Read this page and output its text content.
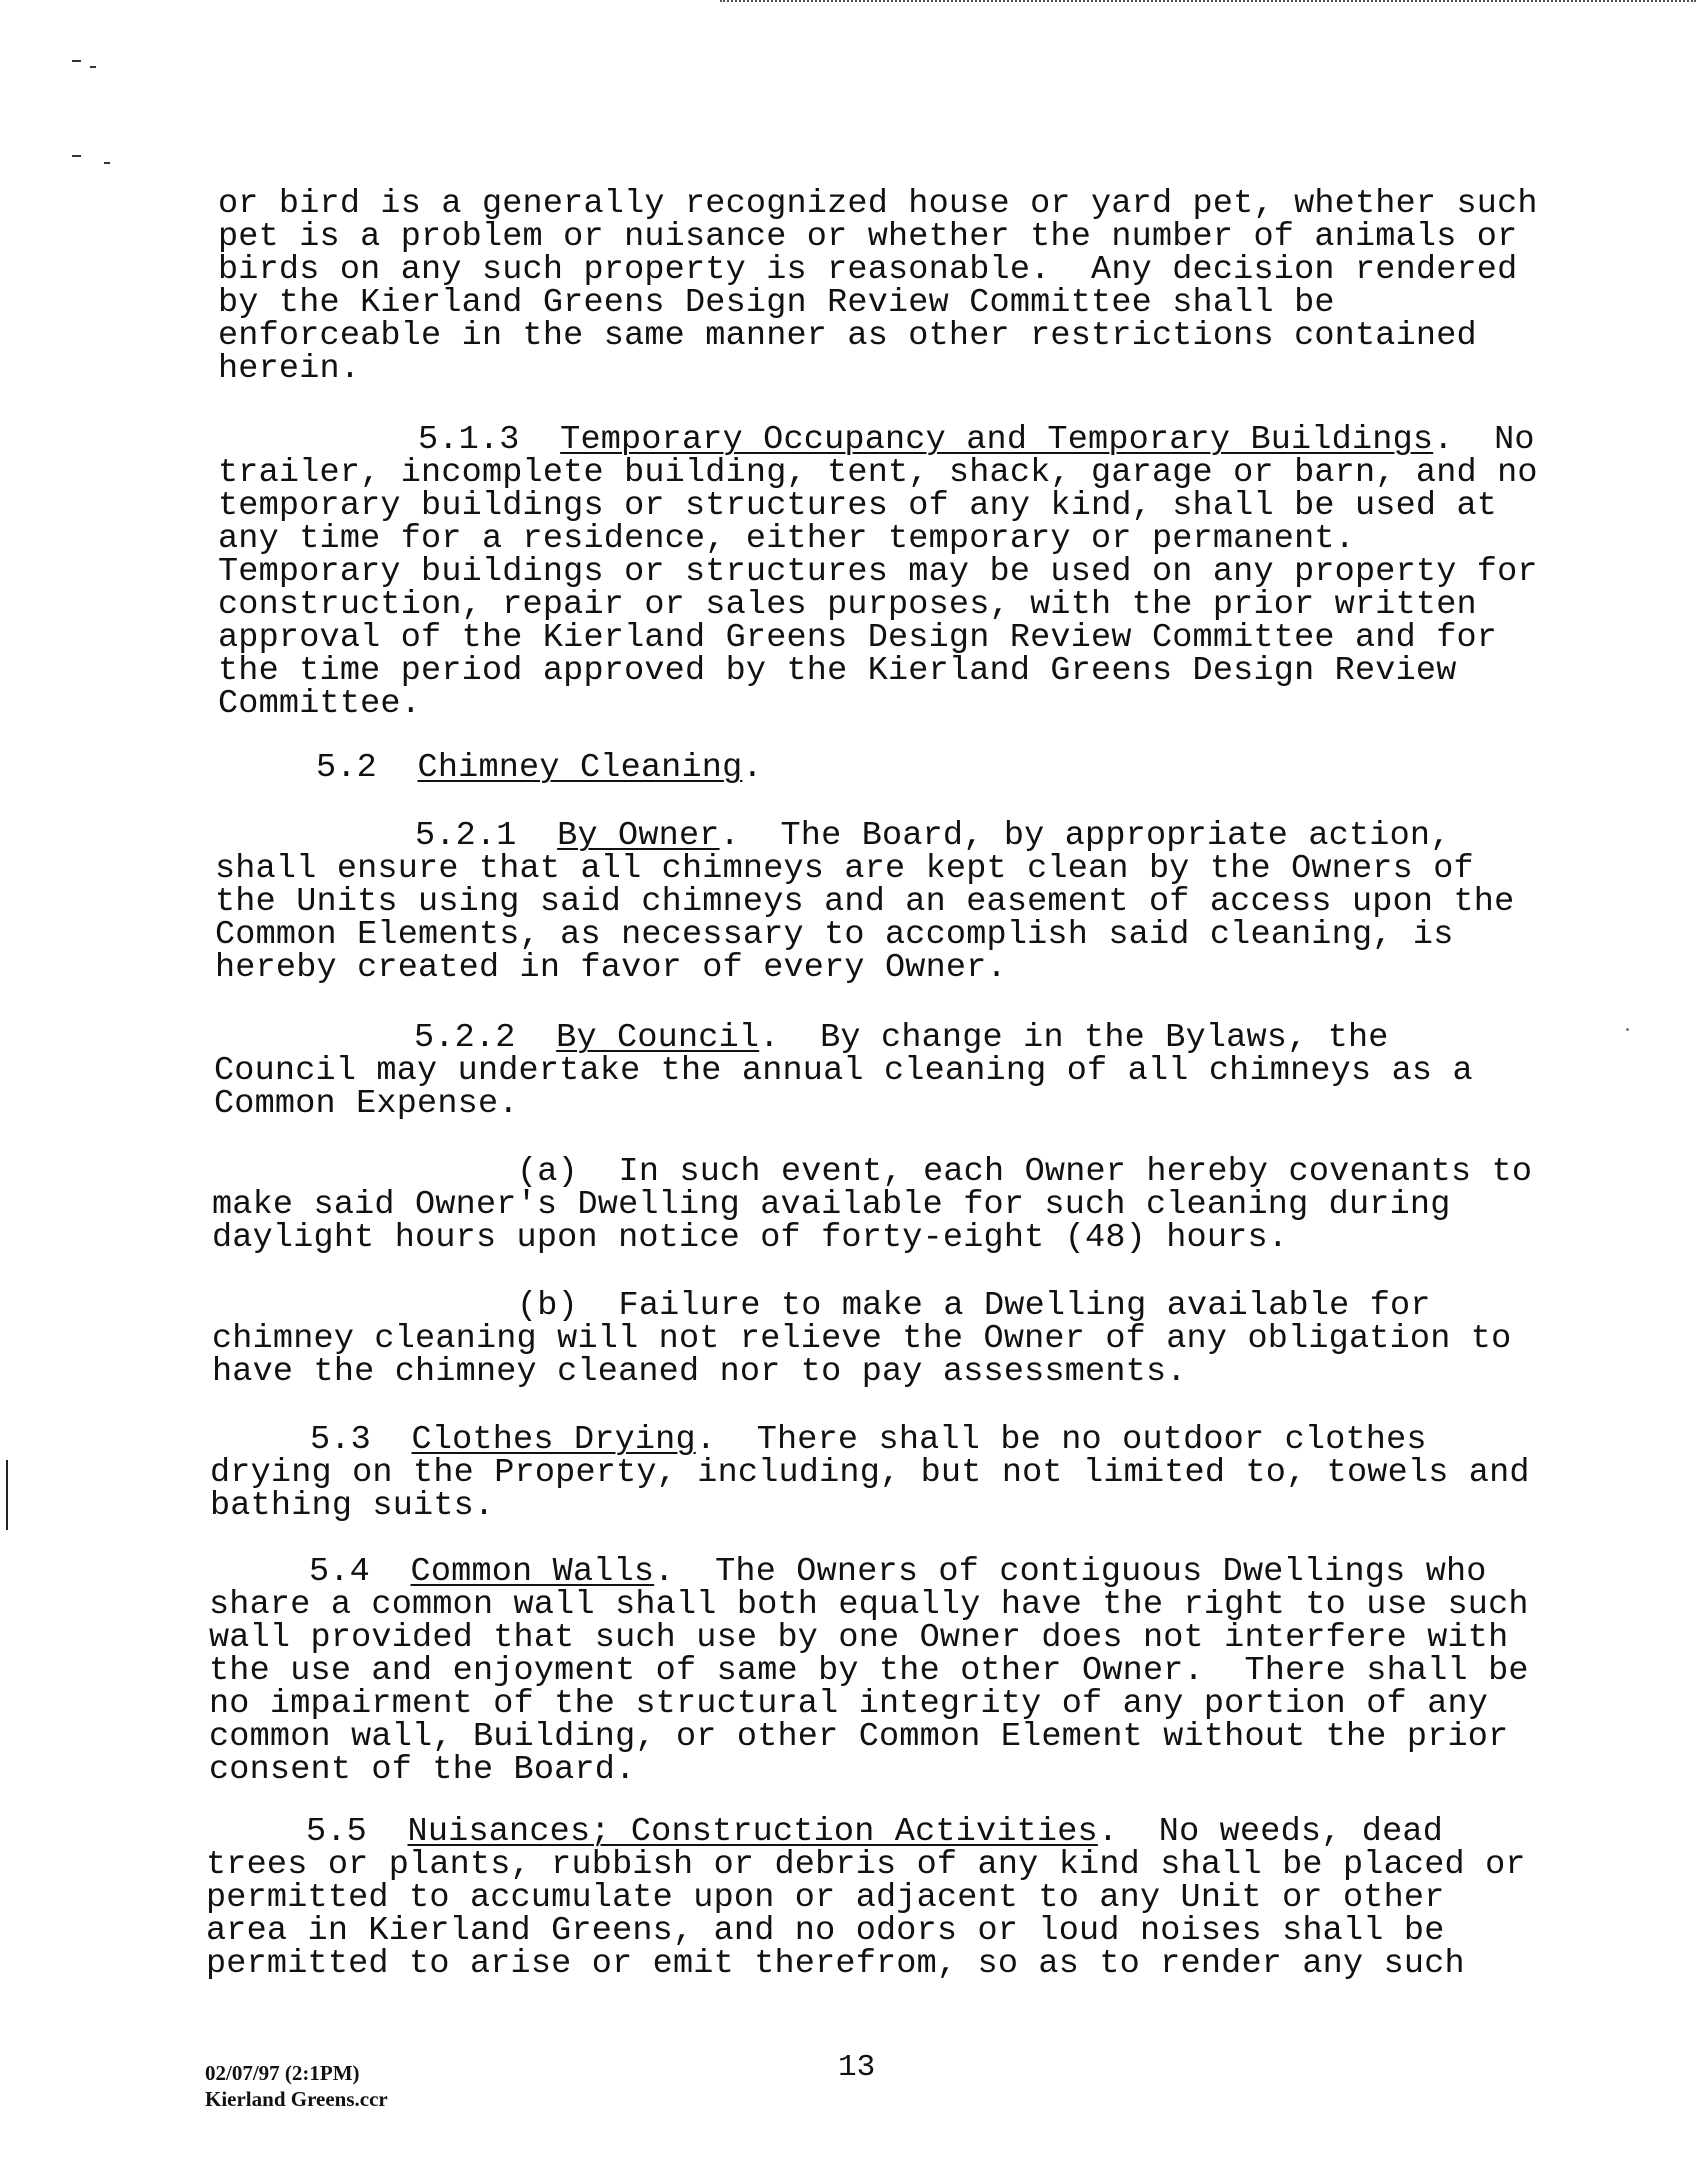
or bird is a generally recognized house or yard pet, whether such
pet is a problem or nuisance or whether the number of animals or
birds on any such property is reasonable.  Any decision rendered
by the Kierland Greens Design Review Committee shall be
enforceable in the same manner as other restrictions contained
herein.

5.1.3 Temporary Occupancy and Temporary Buildings.  No
trailer, incomplete building, tent, shack, garage or barn, and no
temporary buildings or structures of any kind, shall be used at
any time for a residence, either temporary or permanent.
Temporary buildings or structures may be used on any property for
construction, repair or sales purposes, with the prior written
approval of the Kierland Greens Design Review Committee and for
the time period approved by the Kierland Greens Design Review
Committee.

5.2 Chimney Cleaning.

5.2.1 By Owner.  The Board, by appropriate action,
shall ensure that all chimneys are kept clean by the Owners of
the Units using said chimneys and an easement of access upon the
Common Elements, as necessary to accomplish said cleaning, is
hereby created in favor of every Owner.

5.2.2 By Council.  By change in the Bylaws, the
Council may undertake the annual cleaning of all chimneys as a
Common Expense.

(a)  In such event, each Owner hereby covenants to
make said Owner's Dwelling available for such cleaning during
daylight hours upon notice of forty-eight (48) hours.

(b)  Failure to make a Dwelling available for
chimney cleaning will not relieve the Owner of any obligation to
have the chimney cleaned nor to pay assessments.

5.3 Clothes Drying.  There shall be no outdoor clothes
drying on the Property, including, but not limited to, towels and
bathing suits.

5.4 Common Walls.  The Owners of contiguous Dwellings who
share a common wall shall both equally have the right to use such
wall provided that such use by one Owner does not interfere with
the use and enjoyment of same by the other Owner.  There shall be
no impairment of the structural integrity of any portion of any
common wall, Building, or other Common Element without the prior
consent of the Board.

5.5 Nuisances; Construction Activities.  No weeds, dead
trees or plants, rubbish or debris of any kind shall be placed or
permitted to accumulate upon or adjacent to any Unit or other
area in Kierland Greens, and no odors or loud noises shall be
permitted to arise or emit therefrom, so as to render any such

02/07/97 (2:1PM)
Kierland Greens.ccr
13
